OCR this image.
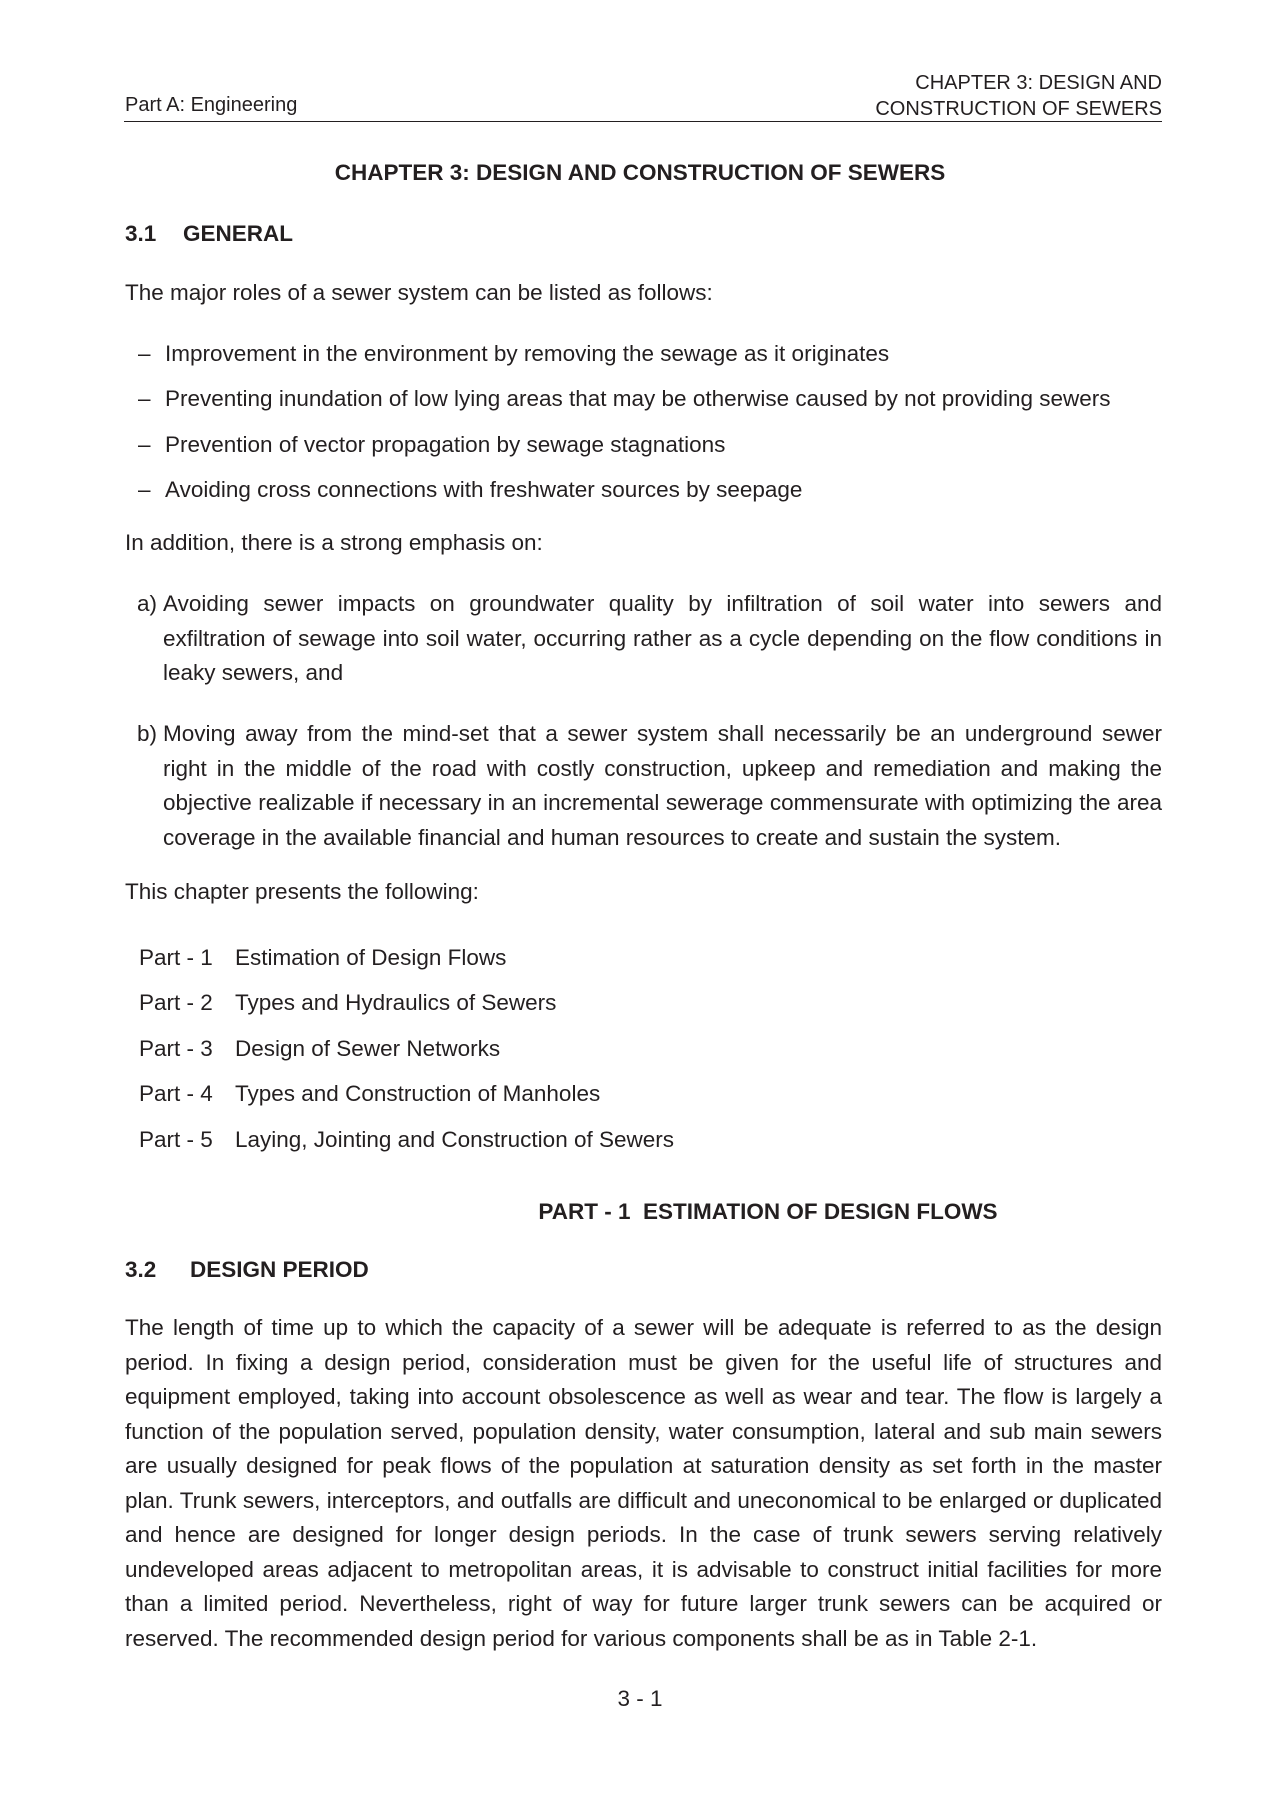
Part A: Engineering
CHAPTER 3: DESIGN AND
CONSTRUCTION OF SEWERS
CHAPTER 3: DESIGN AND CONSTRUCTION OF SEWERS
3.1 GENERAL
The major roles of a sewer system can be listed as follows:
– Improvement in the environment by removing the sewage as it originates
– Preventing inundation of low lying areas that may be otherwise caused by not providing sewers
– Prevention of vector propagation by sewage stagnations
– Avoiding cross connections with freshwater sources by seepage
In addition, there is a strong emphasis on:
a) Avoiding sewer impacts on groundwater quality by infiltration of soil water into sewers and exfiltration of sewage into soil water, occurring rather as a cycle depending on the flow conditions in leaky sewers, and
b) Moving away from the mind-set that a sewer system shall necessarily be an underground sewer right in the middle of the road with costly construction, upkeep and remediation and making the objective realizable if necessary in an incremental sewerage commensurate with optimizing the area coverage in the available financial and human resources to create and sustain the system.
This chapter presents the following:
Part - 1 Estimation of Design Flows
Part - 2 Types and Hydraulics of Sewers
Part - 3 Design of Sewer Networks
Part - 4 Types and Construction of Manholes
Part - 5 Laying, Jointing and Construction of Sewers
PART - 1  ESTIMATION OF DESIGN FLOWS
3.2 DESIGN PERIOD
The length of time up to which the capacity of a sewer will be adequate is referred to as the design period. In fixing a design period, consideration must be given for the useful life of structures and equipment employed, taking into account obsolescence as well as wear and tear. The flow is largely a function of the population served, population density, water consumption, lateral and sub main sewers are usually designed for peak flows of the population at saturation density as set forth in the master plan. Trunk sewers, interceptors, and outfalls are difficult and uneconomical to be enlarged or duplicated and hence are designed for longer design periods. In the case of trunk sewers serving relatively undeveloped areas adjacent to metropolitan areas, it is advisable to construct initial facilities for more than a limited period. Nevertheless, right of way for future larger trunk sewers can be acquired or reserved. The recommended design period for various components shall be as in Table 2-1.
3 - 1
